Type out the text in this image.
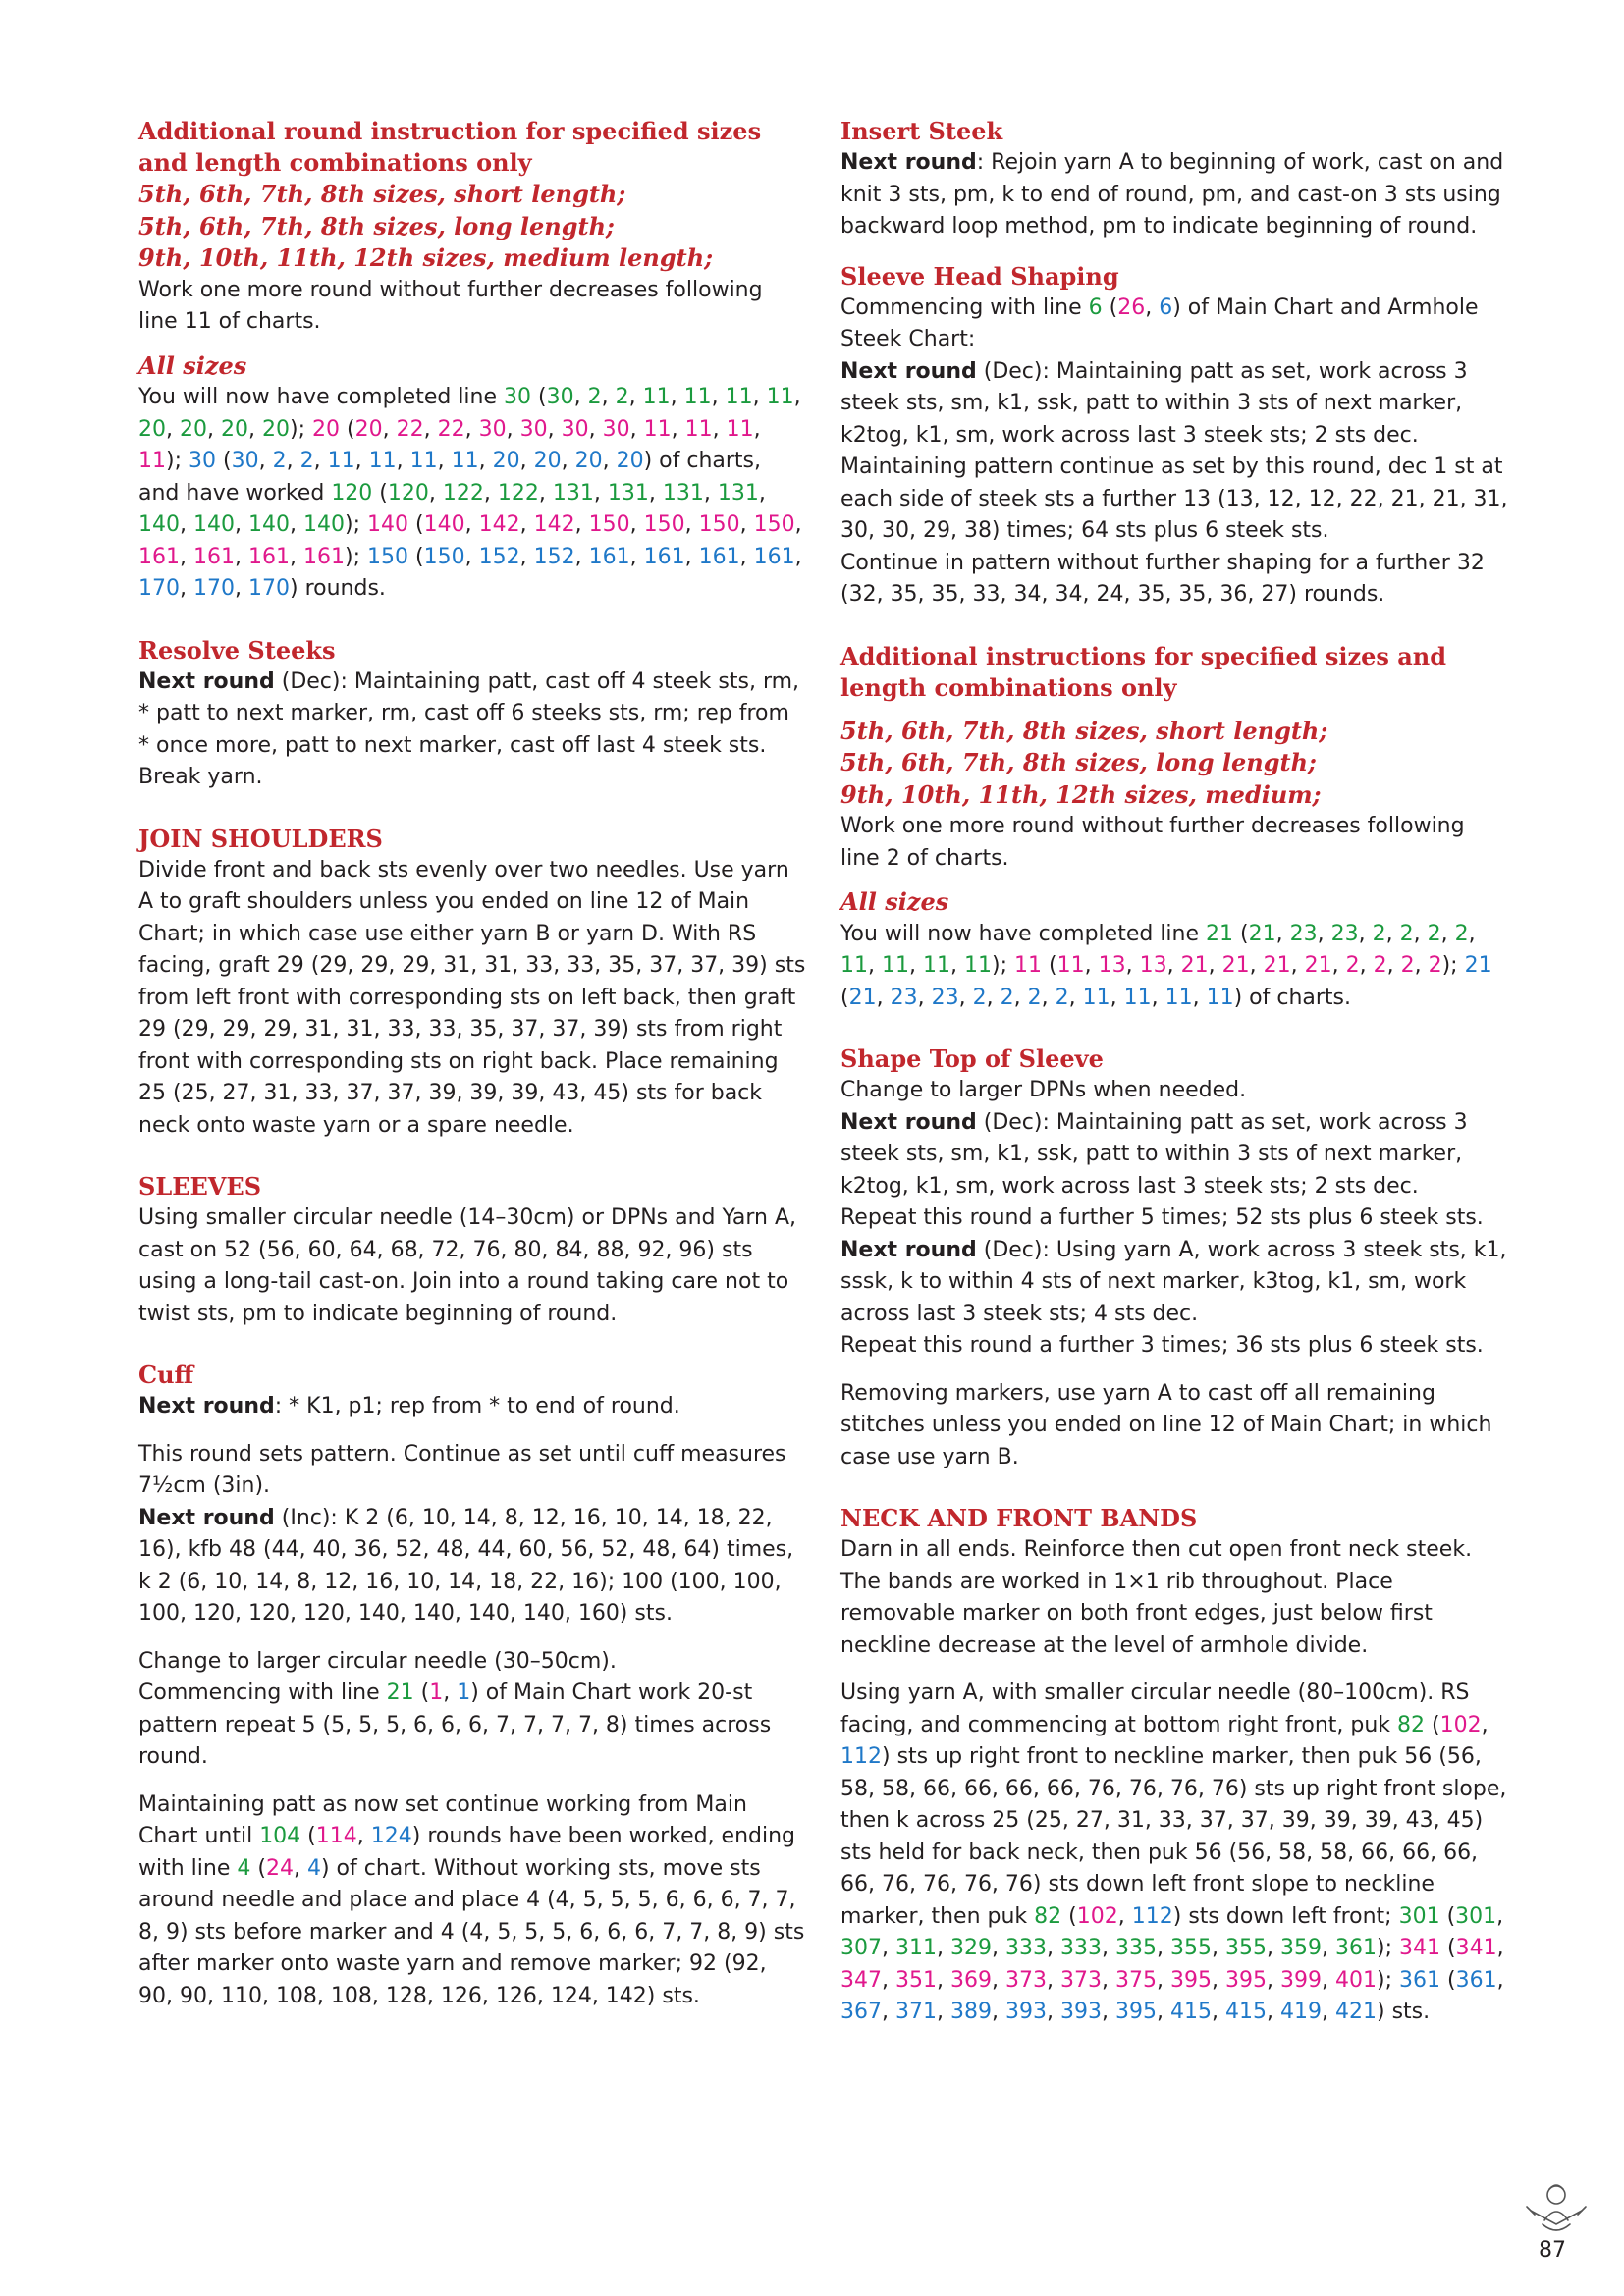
Additional round instruction for specified sizes and length combinations only
5th, 6th, 7th, 8th sizes, short length;
5th, 6th, 7th, 8th sizes, long length;
9th, 10th, 11th, 12th sizes, medium length;

Work one more round without further decreases following line 11 of charts.

All sizes

You will now have completed line 30 (30, 2, 2, 11, 11, 11, 11, 20, 20, 20, 20); 20 (20, 22, 22, 30, 30, 30, 30, 11, 11, 11, 11); 30 (30, 2, 2, 11, 11, 11, 11, 20, 20, 20, 20) of charts, and have worked 120 (120, 122, 122, 131, 131, 131, 131, 140, 140, 140, 140); 140 (140, 142, 142, 150, 150, 150, 150, 161, 161, 161, 161); 150 (150, 152, 152, 161, 161, 161, 161, 170, 170, 170) rounds.

Resolve Steeks

Next round (Dec): Maintaining patt, cast off 4 steek sts, rm, * patt to next marker, rm, cast off 6 steeks sts, rm; rep from * once more, patt to next marker, cast off last 4 steek sts. Break yarn.

JOIN SHOULDERS

Divide front and back sts evenly over two needles. Use yarn A to graft shoulders unless you ended on line 12 of Main Chart; in which case use either yarn B or yarn D. With RS facing, graft 29 (29, 29, 29, 31, 31, 33, 33, 35, 37, 37, 39) sts from left front with corresponding sts on left back, then graft 29 (29, 29, 29, 31, 31, 33, 33, 35, 37, 37, 39) sts from right front with corresponding sts on right back. Place remaining 25 (25, 27, 31, 33, 37, 37, 39, 39, 39, 43, 45) sts for back neck onto waste yarn or a spare needle.

SLEEVES

Using smaller circular needle (14–30cm) or DPNs and Yarn A, cast on 52 (56, 60, 64, 68, 72, 76, 80, 84, 88, 92, 96) sts using a long-tail cast-on. Join into a round taking care not to twist sts, pm to indicate beginning of round.

Cuff

Next round: * K1, p1; rep from * to end of round.

This round sets pattern. Continue as set until cuff measures 7½cm (3in).

Next round (Inc): K 2 (6, 10, 14, 8, 12, 16, 10, 14, 18, 22, 16), kfb 48 (44, 40, 36, 52, 48, 44, 60, 56, 52, 48, 64) times, k 2 (6, 10, 14, 8, 12, 16, 10, 14, 18, 22, 16); 100 (100, 100, 100, 120, 120, 120, 140, 140, 140, 140, 160) sts.

Change to larger circular needle (30–50cm).

Commencing with line 21 (1, 1) of Main Chart work 20-st pattern repeat 5 (5, 5, 5, 6, 6, 6, 7, 7, 7, 7, 8) times across round.

Maintaining patt as now set continue working from Main Chart until 104 (114, 124) rounds have been worked, ending with line 4 (24, 4) of chart. Without working sts, move sts around needle and place and place 4 (4, 5, 5, 5, 6, 6, 6, 7, 7, 8, 9) sts before marker and 4 (4, 5, 5, 5, 6, 6, 6, 7, 7, 8, 9) sts after marker onto waste yarn and remove marker; 92 (92, 90, 90, 110, 108, 108, 128, 126, 126, 124, 142) sts.

Insert Steek

Next round: Rejoin yarn A to beginning of work, cast on and knit 3 sts, pm, k to end of round, pm, and cast-on 3 sts using backward loop method, pm to indicate beginning of round.

Sleeve Head Shaping

Commencing with line 6 (26, 6) of Main Chart and Armhole Steek Chart:

Next round (Dec): Maintaining patt as set, work across 3 steek sts, sm, k1, ssk, patt to within 3 sts of next marker, k2tog, k1, sm, work across last 3 steek sts; 2 sts dec.

Maintaining pattern continue as set by this round, dec 1 st at each side of steek sts a further 13 (13, 12, 12, 22, 21, 21, 31, 30, 30, 29, 38) times; 64 sts plus 6 steek sts.

Continue in pattern without further shaping for a further 32 (32, 35, 35, 33, 34, 34, 24, 35, 35, 36, 27) rounds.

Additional instructions for specified sizes and length combinations only
5th, 6th, 7th, 8th sizes, short length;
5th, 6th, 7th, 8th sizes, long length;
9th, 10th, 11th, 12th sizes, medium;

Work one more round without further decreases following line 2 of charts.

All sizes

You will now have completed line 21 (21, 23, 23, 2, 2, 2, 2, 11, 11, 11, 11); 11 (11, 13, 13, 21, 21, 21, 21, 2, 2, 2, 2); 21 (21, 23, 23, 2, 2, 2, 2, 11, 11, 11, 11) of charts.

Shape Top of Sleeve

Change to larger DPNs when needed.

Next round (Dec): Maintaining patt as set, work across 3 steek sts, sm, k1, ssk, patt to within 3 sts of next marker, k2tog, k1, sm, work across last 3 steek sts; 2 sts dec.

Repeat this round a further 5 times; 52 sts plus 6 steek sts.

Next round (Dec): Using yarn A, work across 3 steek sts, k1, sssk, k to within 4 sts of next marker, k3tog, k1, sm, work across last 3 steek sts; 4 sts dec.

Repeat this round a further 3 times; 36 sts plus 6 steek sts.

Removing markers, use yarn A to cast off all remaining stitches unless you ended on line 12 of Main Chart; in which case use yarn B.

NECK AND FRONT BANDS

Darn in all ends. Reinforce then cut open front neck steek. The bands are worked in 1×1 rib throughout. Place removable marker on both front edges, just below first neckline decrease at the level of armhole divide.

Using yarn A, with smaller circular needle (80–100cm). RS facing, and commencing at bottom right front, puk 82 (102, 112) sts up right front to neckline marker, then puk 56 (56, 58, 58, 66, 66, 66, 66, 76, 76, 76, 76) sts up right front slope, then k across 25 (25, 27, 31, 33, 37, 37, 39, 39, 39, 43, 45) sts held for back neck, then puk 56 (56, 58, 58, 66, 66, 66, 66, 76, 76, 76, 76) sts down left front slope to neckline marker, then puk 82 (102, 112) sts down left front; 301 (301, 307, 311, 329, 333, 333, 335, 355, 355, 359, 361); 341 (341, 347, 351, 369, 373, 373, 375, 395, 395, 399, 401); 361 (361, 367, 371, 389, 393, 393, 395, 415, 415, 419, 421) sts.

87
